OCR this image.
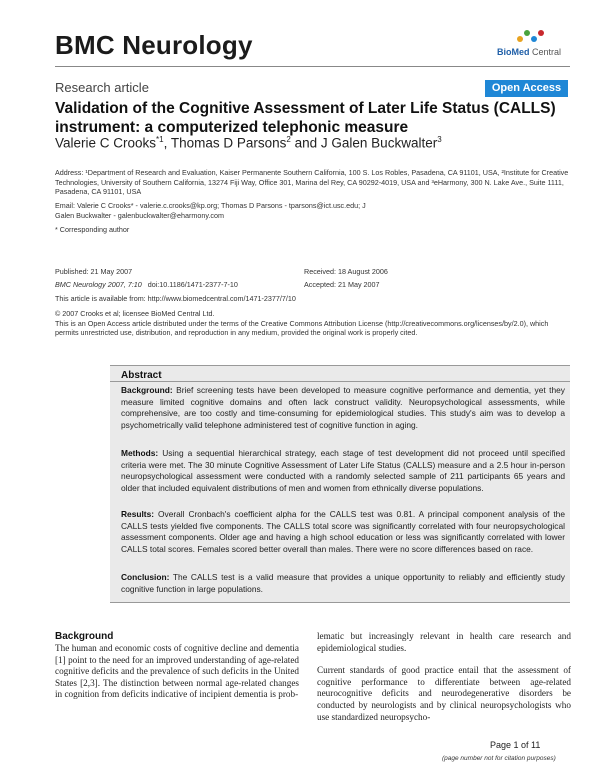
BMC Neurology	BioMed Central
Research article	Open Access
Validation of the Cognitive Assessment of Later Life Status (CALLS) instrument: a computerized telephonic measure
Valerie C Crooks$^{*1}$, Thomas D Parsons$^2$ and J Galen Buckwalter$^3$
Address: ¹Department of Research and Evaluation, Kaiser Permanente Southern California, 100 S. Los Robles, Pasadena, CA 91101, USA, ²Institute for Creative Technologies, University of Southern California, 13274 Fiji Way, Office 301, Marina del Rey, CA 90292-4019, USA and ³eHarmony, 300 N. Lake Ave., Suite 1111, Pasadena, CA 91101, USA
Email: Valerie C Crooks* - valerie.c.crooks@kp.org; Thomas D Parsons - tparsons@ict.usc.edu; J Galen Buckwalter - galenbuckwalter@eharmony.com
* Corresponding author
Published: 21 May 2007
BMC Neurology 2007, 7:10 doi:10.1186/1471-2377-7-10
Received: 18 August 2006
Accepted: 21 May 2007
This article is available from: http://www.biomedcentral.com/1471-2377/7/10
© 2007 Crooks et al; licensee BioMed Central Ltd.
This is an Open Access article distributed under the terms of the Creative Commons Attribution License (http://creativecommons.org/licenses/by/2.0), which permits unrestricted use, distribution, and reproduction in any medium, provided the original work is properly cited.
Abstract
Background: Brief screening tests have been developed to measure cognitive performance and dementia, yet they measure limited cognitive domains and often lack construct validity. Neuropsychological assessments, while comprehensive, are too costly and time-consuming for epidemiological studies. This study's aim was to develop a psychometrically valid telephone administered test of cognitive function in aging.
Methods: Using a sequential hierarchical strategy, each stage of test development did not proceed until specified criteria were met. The 30 minute Cognitive Assessment of Later Life Status (CALLS) measure and a 2.5 hour in-person neuropsychological assessment were conducted with a randomly selected sample of 211 participants 65 years and older that included equivalent distributions of men and women from ethnically diverse populations.
Results: Overall Cronbach's coefficient alpha for the CALLS test was 0.81. A principal component analysis of the CALLS tests yielded five components. The CALLS total score was significantly correlated with four neuropsychological assessment components. Older age and having a high school education or less was significantly correlated with lower CALLS total scores. Females scored better overall than males. There were no score differences based on race.
Conclusion: The CALLS test is a valid measure that provides a unique opportunity to reliably and efficiently study cognitive function in large populations.
Background
The human and economic costs of cognitive decline and dementia [1] point to the need for an improved understanding of age-related cognitive deficits and the prevalence of such deficits in the United States [2,3]. The distinction between normal age-related changes in cognition from deficits indicative of incipient dementia is prob-

lematic but increasingly relevant in health care research and epidemiological studies.

Current standards of good practice entail that the assessment of cognitive performance to differentiate between age-related neurocognitive deficits and neurodegenerative disorders be conducted by neurologists and by clinical neuropsychologists who use standardized neuropsycho-

Page 1 of 11
(page number not for citation purposes)
